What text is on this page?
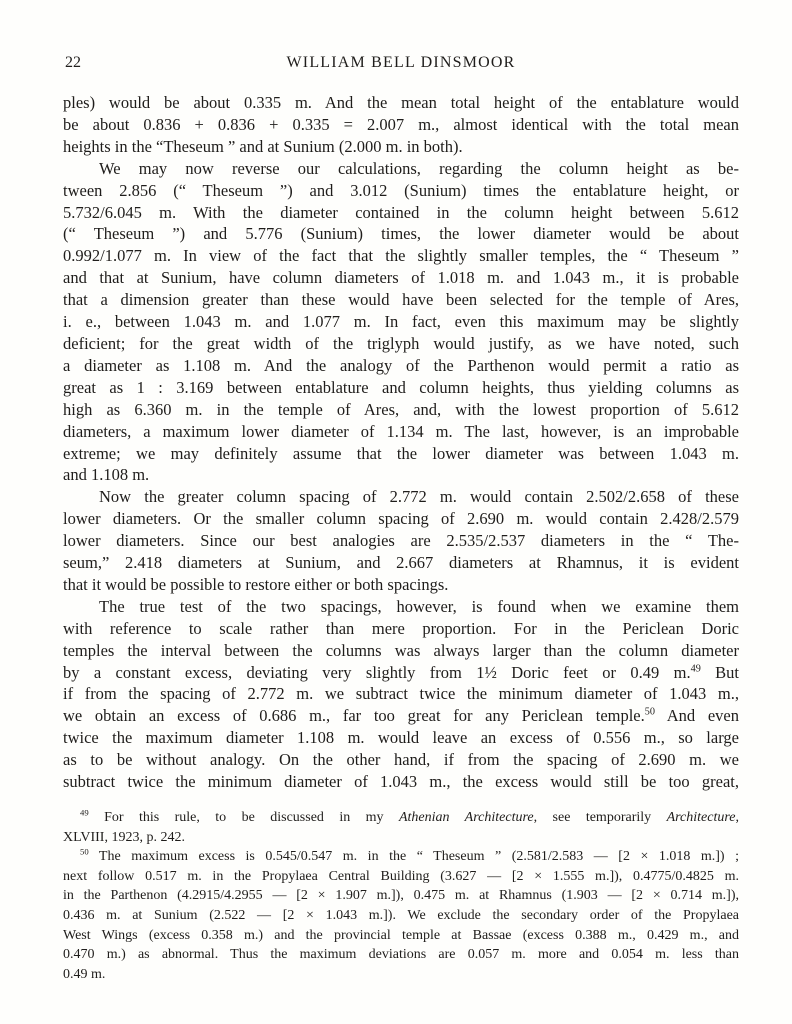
22	WILLIAM BELL DINSMOOR
ples) would be about 0.335 m. And the mean total height of the entablature would
be about 0.836 + 0.836 + 0.335 = 2.007 m., almost identical with the total mean
heights in the “Theseum ” and at Sunium (2.000 m. in both).
We may now reverse our calculations, regarding the column height as be-
tween 2.856 (“ Theseum ”) and 3.012 (Sunium) times the entablature height, or
5.732/6.045 m. With the diameter contained in the column height between 5.612
(“ Theseum ”) and 5.776 (Sunium) times, the lower diameter would be about
0.992/1.077 m. In view of the fact that the slightly smaller temples, the “ Theseum ”
and that at Sunium, have column diameters of 1.018 m. and 1.043 m., it is probable
that a dimension greater than these would have been selected for the temple of Ares,
i. e., between 1.043 m. and 1.077 m. In fact, even this maximum may be slightly
deficient; for the great width of the triglyph would justify, as we have noted, such
a diameter as 1.108 m. And the analogy of the Parthenon would permit a ratio as
great as 1 : 3.169 between entablature and column heights, thus yielding columns as
high as 6.360 m. in the temple of Ares, and, with the lowest proportion of 5.612
diameters, a maximum lower diameter of 1.134 m. The last, however, is an improbable
extreme; we may definitely assume that the lower diameter was between 1.043 m.
and 1.108 m.
Now the greater column spacing of 2.772 m. would contain 2.502/2.658 of these
lower diameters. Or the smaller column spacing of 2.690 m. would contain 2.428/2.579
lower diameters. Since our best analogies are 2.535/2.537 diameters in the “ The-
seum,” 2.418 diameters at Sunium, and 2.667 diameters at Rhamnus, it is evident
that it would be possible to restore either or both spacings.
The true test of the two spacings, however, is found when we examine them
with reference to scale rather than mere proportion. For in the Periclean Doric
temples the interval between the columns was always larger than the column diameter
by a constant excess, deviating very slightly from 1½ Doric feet or 0.49 m.$^{49}$ But
if from the spacing of 2.772 m. we subtract twice the minimum diameter of 1.043 m.,
we obtain an excess of 0.686 m., far too great for any Periclean temple.$^{50}$ And even
twice the maximum diameter 1.108 m. would leave an excess of 0.556 m., so large
as to be without analogy. On the other hand, if from the spacing of 2.690 m. we
subtract twice the minimum diameter of 1.043 m., the excess would still be too great,
$^{49}$ For this rule, to be discussed in my Athenian Architecture, see temporarily Architecture,
XLVIII, 1923, p. 242.
$^{50}$ The maximum excess is 0.545/0.547 m. in the “ Theseum ” (2.581/2.583 — [2 × 1.018 m.]) ;
next follow 0.517 m. in the Propylaea Central Building (3.627 — [2 × 1.555 m.]), 0.4775/0.4825 m.
in the Parthenon (4.2915/4.2955 — [2 × 1.907 m.]), 0.475 m. at Rhamnus (1.903 — [2 × 0.714 m.]),
0.436 m. at Sunium (2.522 — [2 × 1.043 m.]). We exclude the secondary order of the Propylaea
West Wings (excess 0.358 m.) and the provincial temple at Bassae (excess 0.388 m., 0.429 m., and
0.470 m.) as abnormal. Thus the maximum deviations are 0.057 m. more and 0.054 m. less than
0.49 m.
